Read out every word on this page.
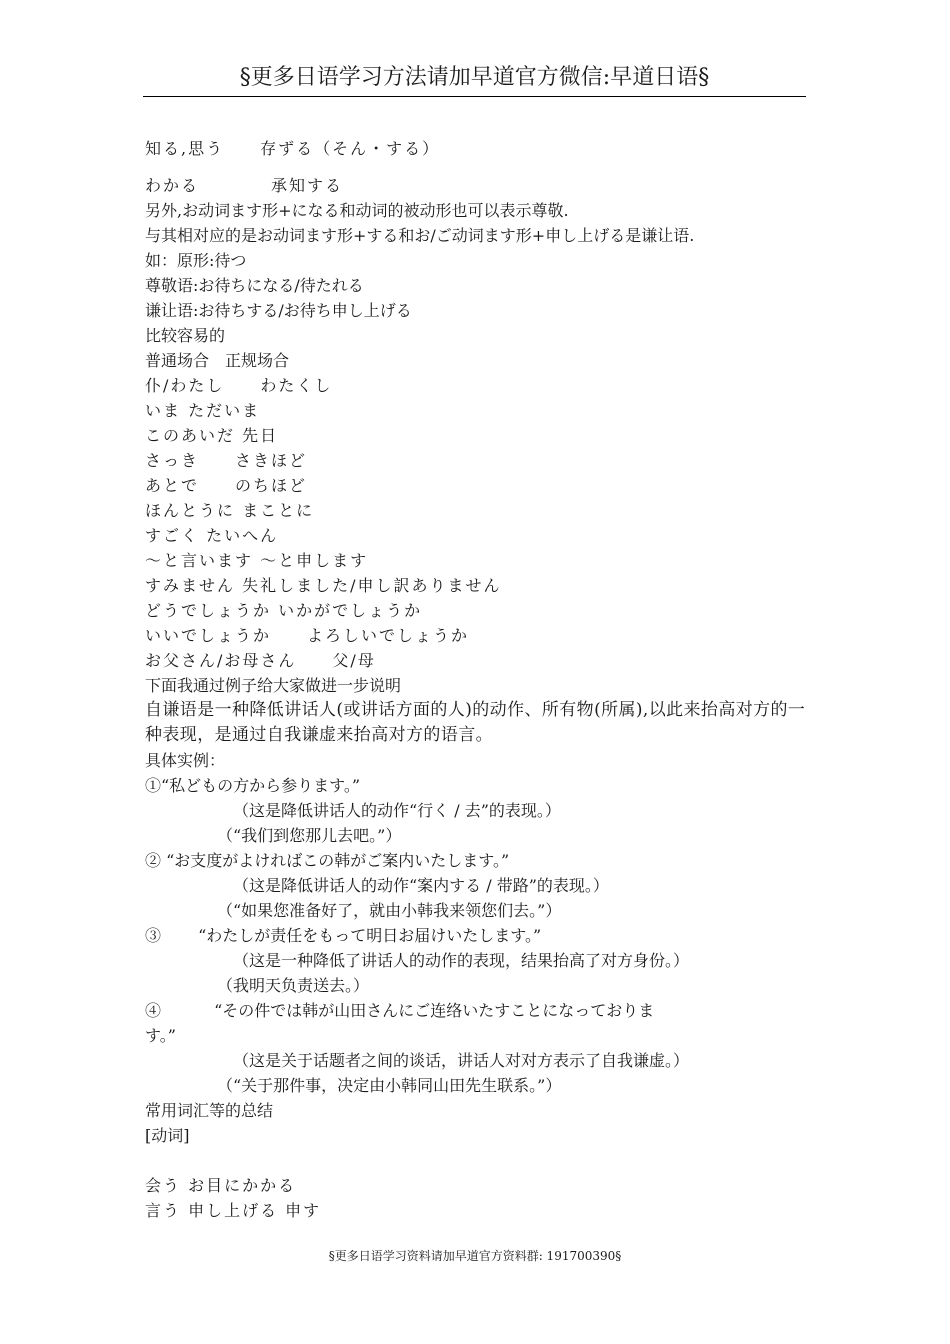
§更多日语学习方法请加早道官方微信:早道日语§
知る,思う　　存ずる（そん・する）
わかる　　　　承知する
另外,お动词ます形+になる和动词的被动形也可以表示尊敬.
与其相对应的是お动词ます形+する和お/ご动词ます形+申し上げる是谦让语.
如：原形:待つ
尊敬语:お待ちになる/待たれる
谦让语:お待ちする/お待ち申し上げる
比较容易的
普通场合　正规场合
仆/わたし　　わたくし
いま ただいま
このあいだ 先日
さっき　　さきほど
あとで　　のちほど
ほんとうに まことに
すごく たいへん
～と言います ～と申します
すみません 失礼しました/申し訳ありません
どうでしょうか いかがでしょうか
いいでしょうか　　よろしいでしょうか
お父さん/お母さん　　父/母
下面我通过例子给大家做进一步说明
自谦语是一种降低讲话人(或讲话方面的人)的动作、所有物(所属),以此来抬高对方的一种表现，是通过自我谦虚来抬高对方的语言。
具体实例：
①“私どもの方から参ります。”
　　　　　　（这是降低讲话人的动作“行く / 去”的表现。）
　　　　　（“我们到您那儿去吧。”）
② “お支度がよければこの韩がご案内いたします。”
　　　　　　（这是降低讲话人的动作“案内する / 带路”的表现。）
　　　　　（“如果您准备好了，就由小韩我来领您们去。”）
③　　 “わたしが责任をもって明日お届けいたします。”
　　　　　　（这是一种降低了讲话人的动作的表现，结果抬高了对方身份。）
　　　　　（我明天负责送去。）
④　　　 “その件では韩が山田さんにご连络いたすことになっておりま
す。”
　　　　　　（这是关于话题者之间的谈话，讲话人对对方表示了自我谦虚。）
　　　　　（“关于那件事，决定由小韩同山田先生联系。”）
常用词汇等的总结
[动词]
会う お目にかかる
言う 申し上げる 申す
§更多日语学习资料请加早道官方资料群: 191700390§
